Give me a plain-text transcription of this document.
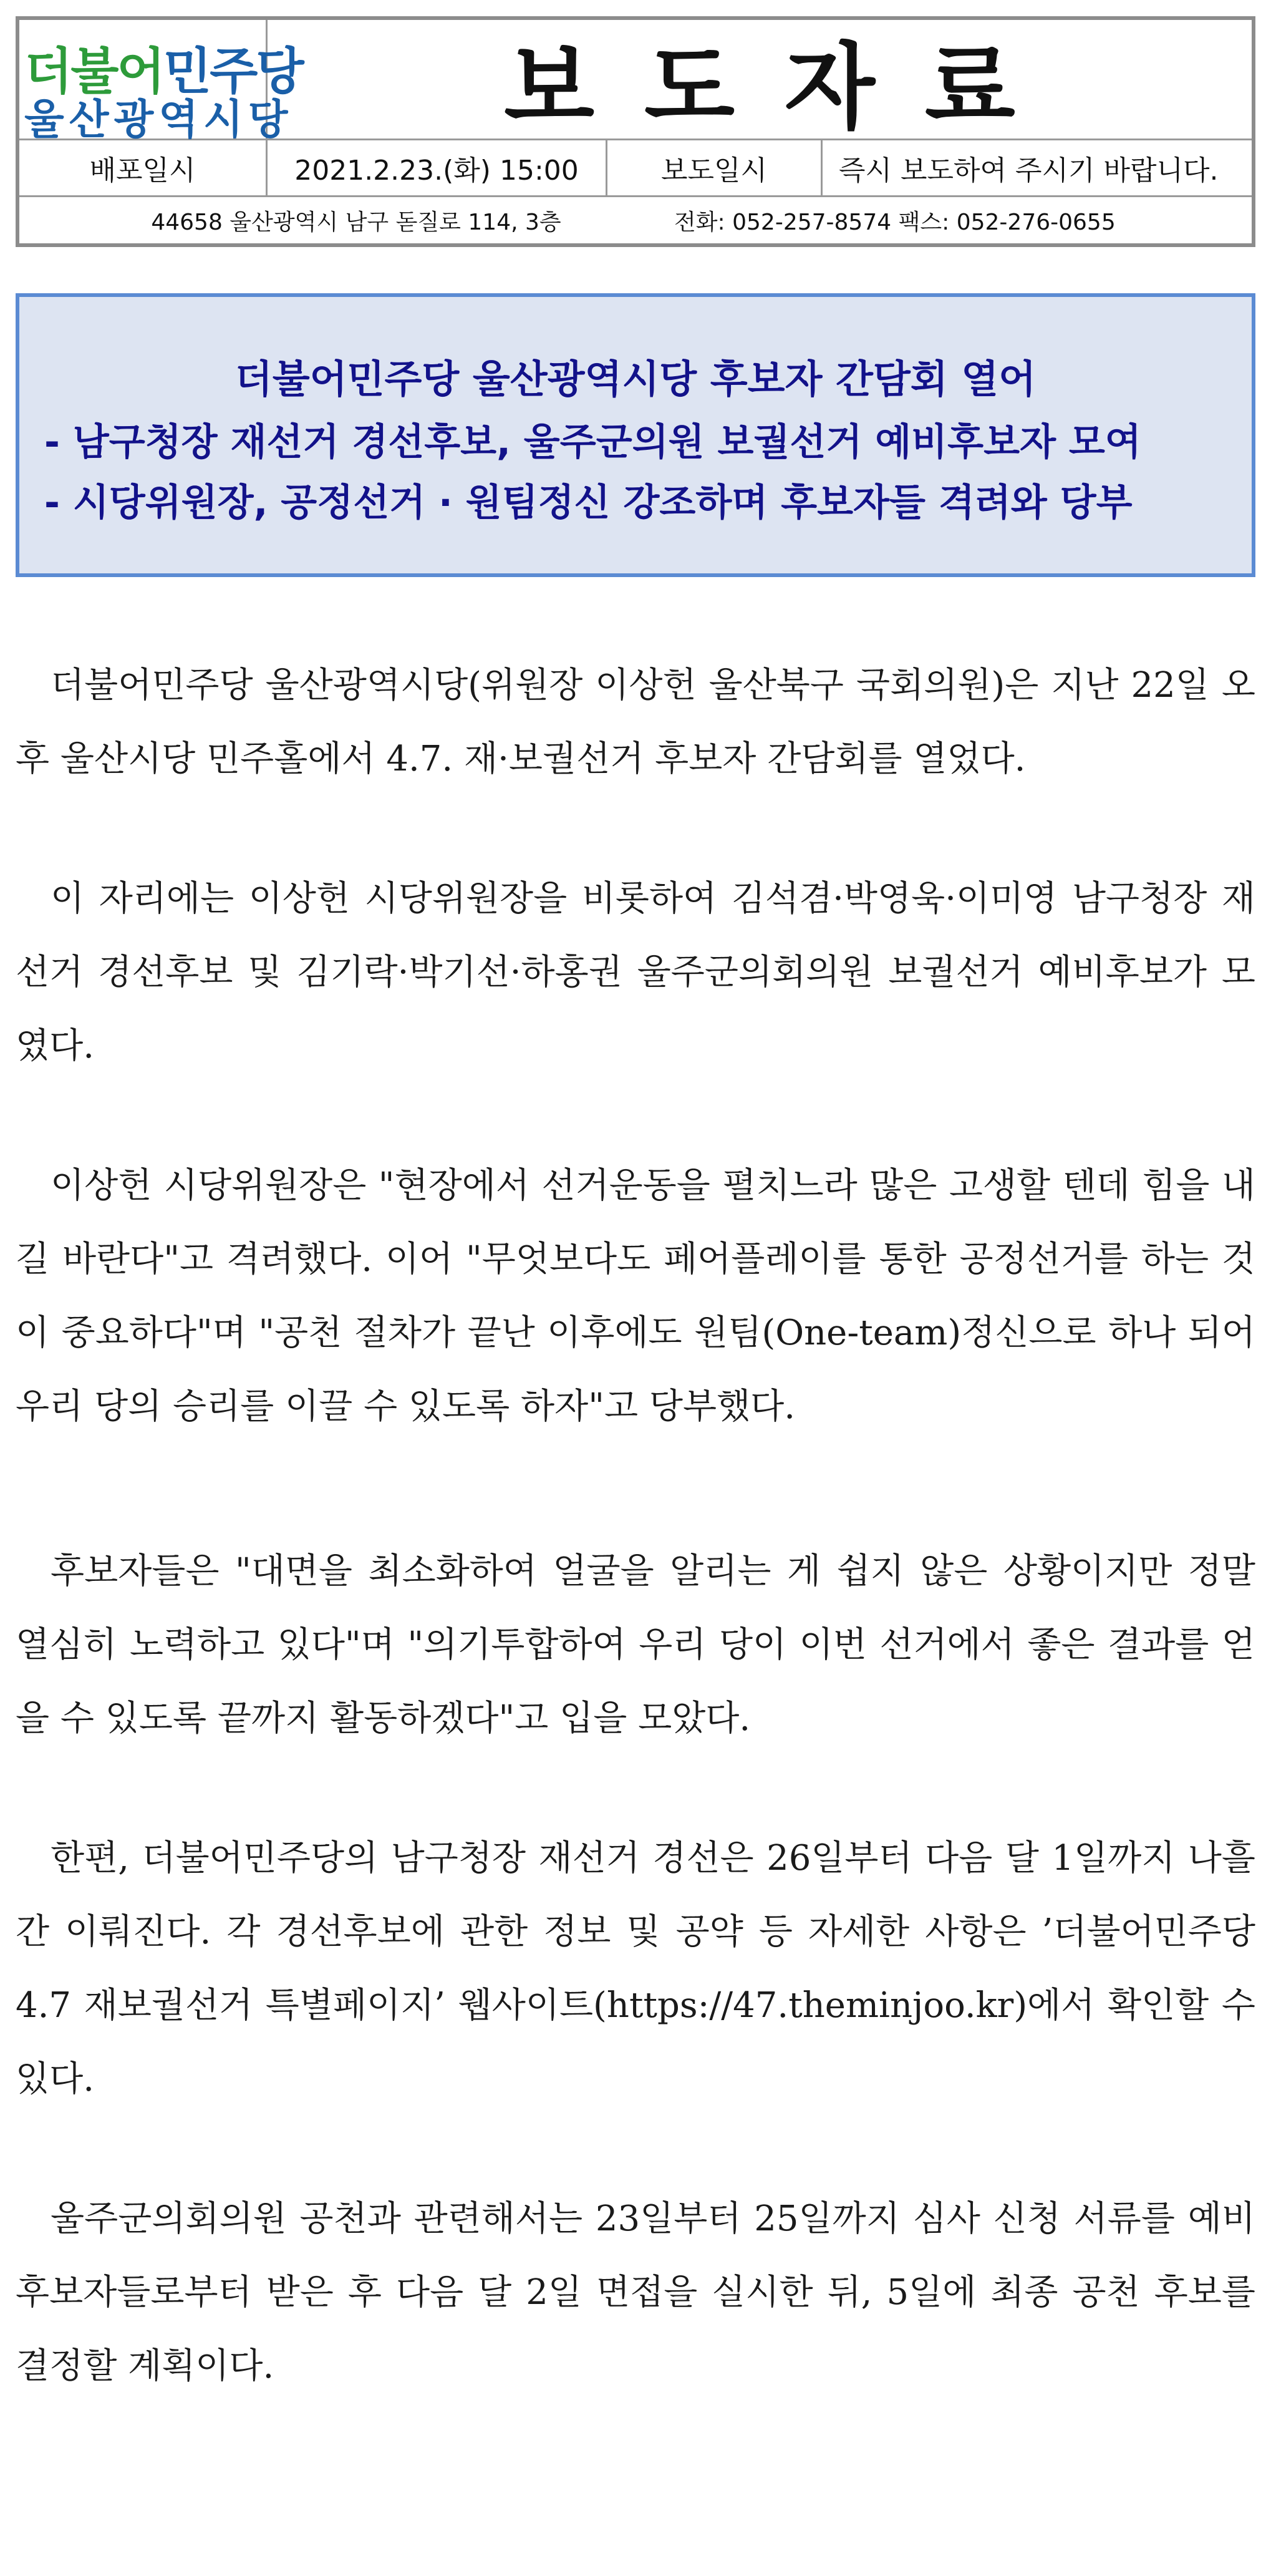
더불어민주당
울산광역시당	보도자료
배포일시	2021.2.23.(화) 15:00	보도일시	즉시 보도하여 주시기 바랍니다.
44658 울산광역시 남구 돋질로 114, 3층	전화: 052-257-8574 팩스: 052-276-0655
더불어민주당 울산광역시당 후보자 간담회 열어
- 남구청장 재선거 경선후보, 울주군의원 보궐선거 예비후보자 모여
- 시당위원장, 공정선거 · 원팀정신 강조하며 후보자들 격려와 당부

더불어민주당 울산광역시당(위원장 이상헌 울산북구 국회의원)은 지난 22일 오후 울산시당 민주홀에서 4.7. 재·보궐선거 후보자 간담회를 열었다.

이 자리에는 이상헌 시당위원장을 비롯하여 김석겸·박영욱·이미영 남구청장 재선거 경선후보 및 김기락·박기선·하홍권 울주군의회의원 보궐선거 예비후보가 모였다.

이상헌 시당위원장은 "현장에서 선거운동을 펼치느라 많은 고생할 텐데 힘을 내길 바란다"고 격려했다. 이어 "무엇보다도 페어플레이를 통한 공정선거를 하는 것이 중요하다"며 "공천 절차가 끝난 이후에도 원팀(One-team)정신으로 하나 되어 우리 당의 승리를 이끌 수 있도록 하자"고 당부했다.

후보자들은 "대면을 최소화하여 얼굴을 알리는 게 쉽지 않은 상황이지만 정말 열심히 노력하고 있다"며 "의기투합하여 우리 당이 이번 선거에서 좋은 결과를 얻을 수 있도록 끝까지 활동하겠다"고 입을 모았다.

한편, 더불어민주당의 남구청장 재선거 경선은 26일부터 다음 달 1일까지 나흘간 이뤄진다. 각 경선후보에 관한 정보 및 공약 등 자세한 사항은 ’더불어민주당 4.7 재보궐선거 특별페이지’ 웹사이트(https://47.theminjoo.kr)에서 확인할 수 있다.

울주군의회의원 공천과 관련해서는 23일부터 25일까지 심사 신청 서류를 예비후보자들로부터 받은 후 다음 달 2일 면접을 실시한 뒤, 5일에 최종 공천 후보를 결정할 계획이다.
